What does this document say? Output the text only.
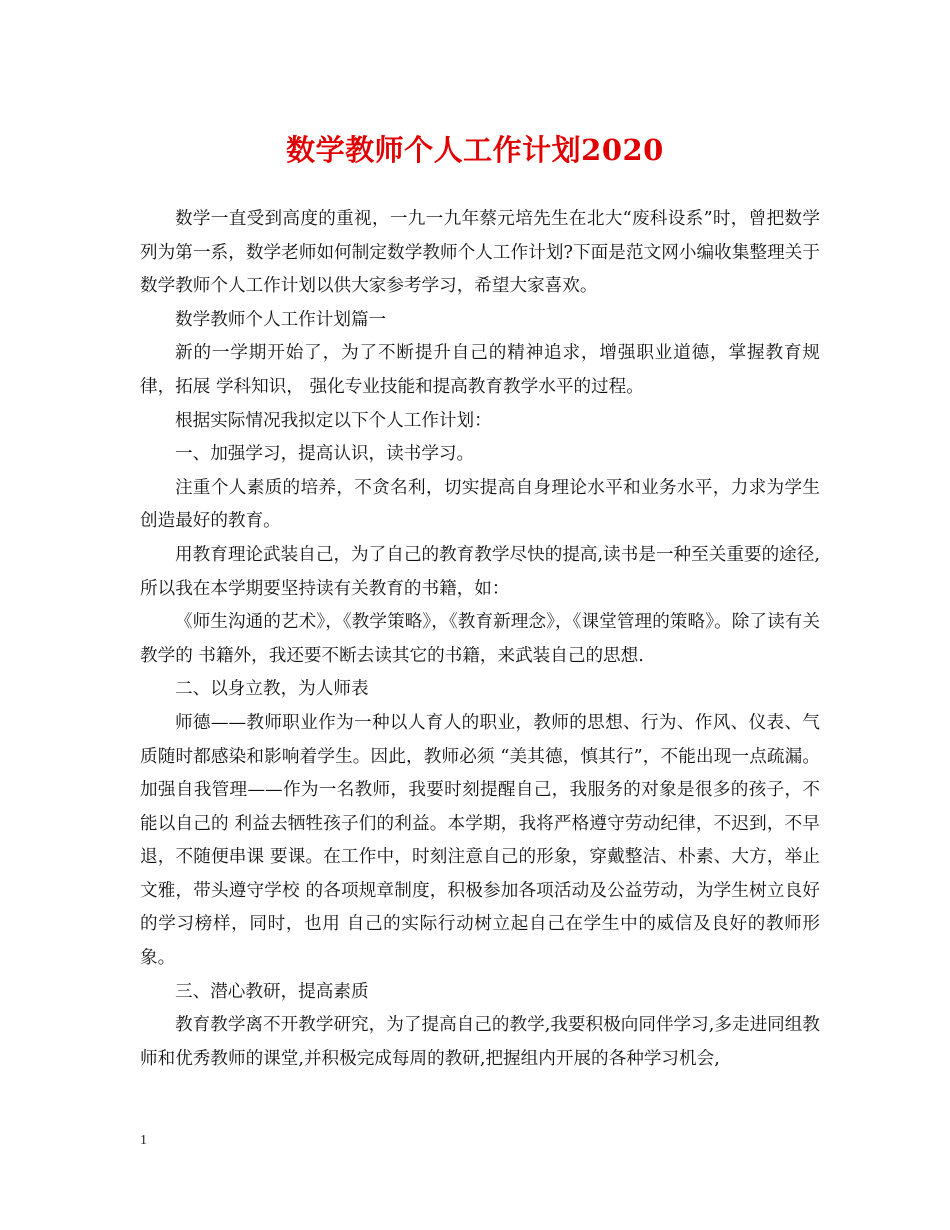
数学教师个人工作计划2020

数学一直受到高度的重视，一九一九年蔡元培先生在北大“废科设系”时，曾把数学列为第一系，数学老师如何制定数学教师个人工作计划?下面是范文网小编收集整理关于数学教师个人工作计划以供大家参考学习，希望大家喜欢。

数学教师个人工作计划篇一

新的一学期开始了，为了不断提升自己的精神追求，增强职业道德，掌握教育规律，拓展 学科知识， 强化专业技能和提高教育教学水平的过程。

根据实际情况我拟定以下个人工作计划：

一、加强学习，提高认识，读书学习。

注重个人素质的培养，不贪名利，切实提高自身理论水平和业务水平，力求为学生创造最好的教育。

用教育理论武装自己，为了自己的教育教学尽快的提高,读书是一种至关重要的途径,所以我在本学期要坚持读有关教育的书籍，如：

《师生沟通的艺术》，《教学策略》，《教育新理念》，《课堂管理的策略》。除了读有关教学的 书籍外，我还要不断去读其它的书籍，来武装自己的思想.

二、以身立教，为人师表

师德——教师职业作为一种以人育人的职业，教师的思想、行为、作风、仪表、气质随时都感染和影响着学生。因此，教师必须 “美其德，慎其行”，不能出现一点疏漏。加强自我管理——作为一名教师，我要时刻提醒自己，我服务的对象是很多的孩子，不能以自己的 利益去牺牲孩子们的利益。本学期，我将严格遵守劳动纪律，不迟到，不早退，不随便串课 要课。在工作中，时刻注意自己的形象，穿戴整洁、朴素、大方，举止文雅，带头遵守学校 的各项规章制度，积极参加各项活动及公益劳动，为学生树立良好的学习榜样，同时，也用 自己的实际行动树立起自己在学生中的威信及良好的教师形象。

三、潜心教研，提高素质

教育教学离不开教学研究，为了提高自己的教学,我要积极向同伴学习,多走进同组教师和优秀教师的课堂,并积极完成每周的教研,把握组内开展的各种学习机会,

1
